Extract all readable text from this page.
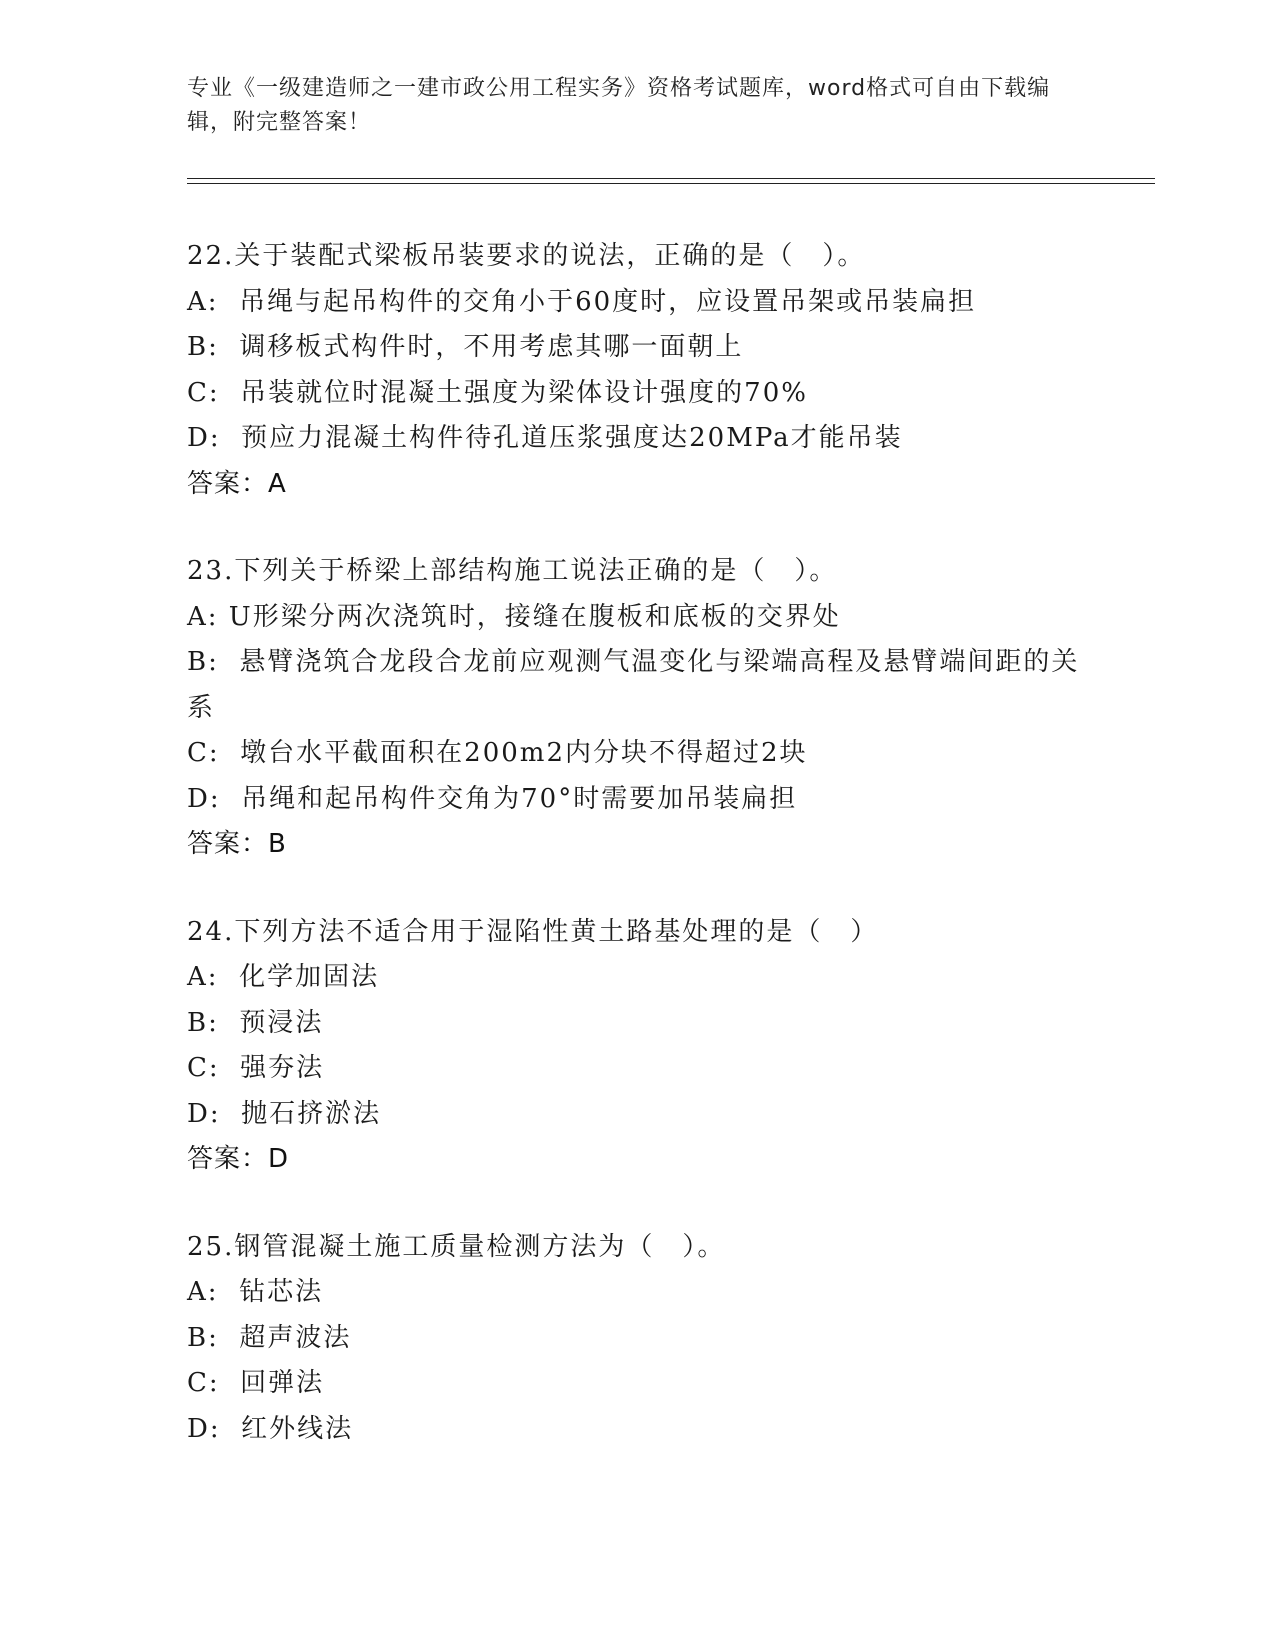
专业《一级建造师之一建市政公用工程实务》资格考试题库，word格式可自由下载编辑，附完整答案！
22.关于装配式梁板吊装要求的说法，正确的是（　）。
A:  吊绳与起吊构件的交角小于60度时，应设置吊架或吊装扁担
B:  调移板式构件时，不用考虑其哪一面朝上
C:  吊装就位时混凝土强度为梁体设计强度的70%
D:  预应力混凝土构件待孔道压浆强度达20MPa才能吊装
答案：A
23.下列关于桥梁上部结构施工说法正确的是（　）。
A: U形梁分两次浇筑时，接缝在腹板和底板的交界处
B:  悬臂浇筑合龙段合龙前应观测气温变化与梁端高程及悬臂端间距的关系
C:  墩台水平截面积在200m2内分块不得超过2块
D:  吊绳和起吊构件交角为70°时需要加吊装扁担
答案：B
24.下列方法不适合用于湿陷性黄土路基处理的是（　）
A:  化学加固法
B:  预浸法
C:  强夯法
D:  抛石挤淤法
答案：D
25.钢管混凝土施工质量检测方法为（　）。
A:  钻芯法
B:  超声波法
C:  回弹法
D:  红外线法
